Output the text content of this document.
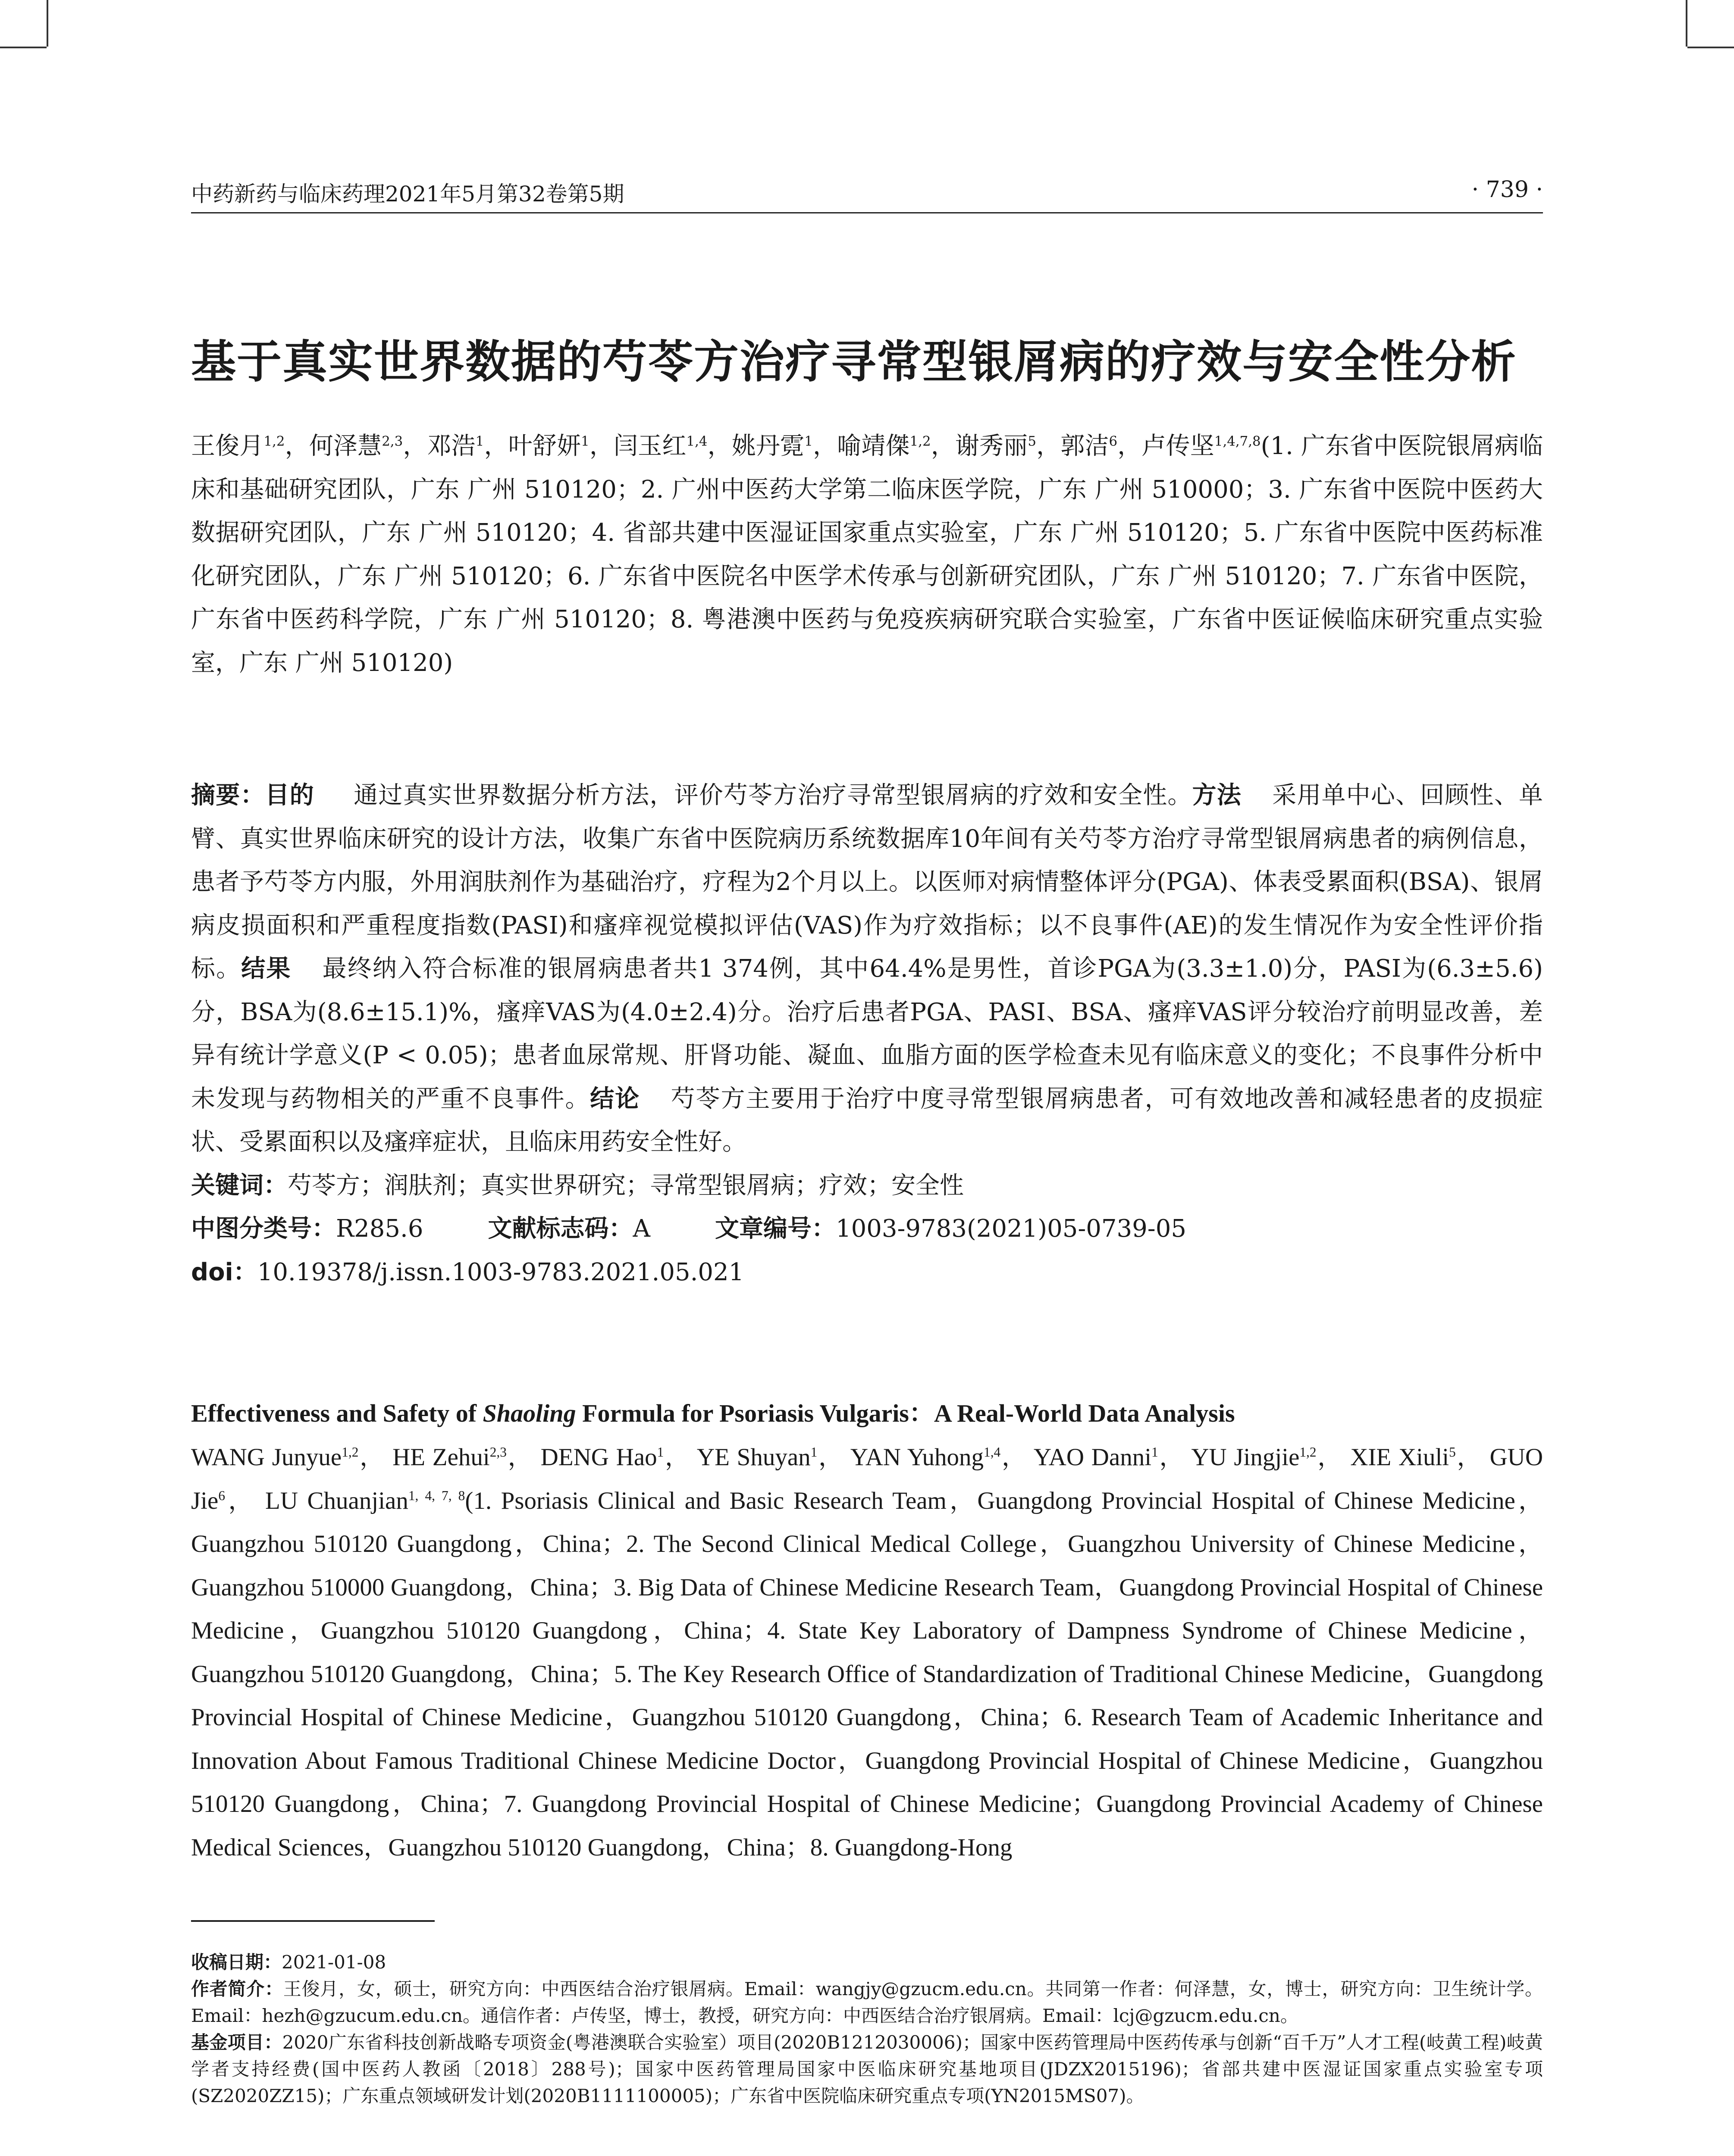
中药新药与临床药理2021年5月第32卷第5期	· 739 ·
基于真实世界数据的芍苓方治疗寻常型银屑病的疗效与安全性分析
王俊月$^{1,2}$，何泽慧$^{2,3}$，邓浩$^1$，叶舒妍$^1$，闫玉红$^{1,4}$，姚丹霓$^1$，喻靖傑$^{1,2}$，谢秀丽$^5$，郭洁$^6$，卢传坚$^{1,4,7,8}$(1. 广东省中医院银屑病临床和基础研究团队，广东 广州 510120；2. 广州中医药大学第二临床医学院，广东 广州 510000；3. 广东省中医院中医药大数据研究团队，广东 广州 510120；4. 省部共建中医湿证国家重点实验室，广东 广州 510120；5. 广东省中医院中医药标准化研究团队，广东 广州 510120；6. 广东省中医院名中医学术传承与创新研究团队，广东 广州 510120；7. 广东省中医院，广东省中医药科学院，广东 广州 510120；8. 粤港澳中医药与免疫疾病研究联合实验室，广东省中医证候临床研究重点实验室，广东 广州 510120)
摘要：目的 通过真实世界数据分析方法，评价芍苓方治疗寻常型银屑病的疗效和安全性。方法 采用单中心、回顾性、单臂、真实世界临床研究的设计方法，收集广东省中医院病历系统数据库10年间有关芍苓方治疗寻常型银屑病患者的病例信息，患者予芍苓方内服，外用润肤剂作为基础治疗，疗程为2个月以上。以医师对病情整体评分(PGA)、体表受累面积(BSA)、银屑病皮损面积和严重程度指数(PASI)和瘙痒视觉模拟评估(VAS)作为疗效指标；以不良事件(AE)的发生情况作为安全性评价指标。结果 最终纳入符合标准的银屑病患者共1 374例，其中64.4%是男性，首诊PGA为(3.3±1.0)分，PASI为(6.3±5.6)分，BSA为(8.6±15.1)%，瘙痒VAS为(4.0±2.4)分。治疗后患者PGA、PASI、BSA、瘙痒VAS评分较治疗前明显改善，差异有统计学意义(P < 0.05)；患者血尿常规、肝肾功能、凝血、血脂方面的医学检查未见有临床意义的变化；不良事件分析中未发现与药物相关的严重不良事件。结论 芍苓方主要用于治疗中度寻常型银屑病患者，可有效地改善和减轻患者的皮损症状、受累面积以及瘙痒症状，且临床用药安全性好。
关键词：芍苓方；润肤剂；真实世界研究；寻常型银屑病；疗效；安全性
中图分类号：R285.6	文献标志码：A	文章编号：1003-9783(2021)05-0739-05
doi：10.19378/j.issn.1003-9783.2021.05.021
Effectiveness and Safety of Shaoling Formula for Psoriasis Vulgaris：A Real-World Data Analysis
WANG Junyue$^{1,2}$， HE Zehui$^{2,3}$， DENG Hao$^1$， YE Shuyan$^1$， YAN Yuhong$^{1,4}$， YAO Danni$^1$， YU Jingjie$^{1,2}$， XIE Xiuli$^5$， GUO Jie$^6$， LU Chuanjian$^{1, 4, 7, 8}$(1. Psoriasis Clinical and Basic Research Team，Guangdong Provincial Hospital of Chinese Medicine，Guangzhou 510120 Guangdong，China；2. The Second Clinical Medical College，Guangzhou University of Chinese Medicine，Guangzhou 510000 Guangdong，China；3. Big Data of Chinese Medicine Research Team，Guangdong Provincial Hospital of Chinese Medicine，Guangzhou 510120 Guangdong，China；4. State Key Laboratory of Dampness Syndrome of Chinese Medicine，Guangzhou 510120 Guangdong，China；5. The Key Research Office of Standardization of Traditional Chinese Medicine，Guangdong Provincial Hospital of Chinese Medicine，Guangzhou 510120 Guangdong，China；6. Research Team of Academic Inheritance and Innovation About Famous Traditional Chinese Medicine Doctor，Guangdong Provincial Hospital of Chinese Medicine，Guangzhou 510120 Guangdong，China；7. Guangdong Provincial Hospital of Chinese Medicine；Guangdong Provincial Academy of Chinese Medical Sciences，Guangzhou 510120 Guangdong，China；8. Guangdong-Hong

收稿日期：2021-01-08

作者简介：王俊月，女，硕士，研究方向：中西医结合治疗银屑病。Email：wangjy@gzucm.edu.cn。共同第一作者：何泽慧，女，博士，研究方向：卫生统计学。Email：hezh@gzucum.edu.cn。通信作者：卢传坚，博士，教授，研究方向：中西医结合治疗银屑病。Email：lcj@gzucm.edu.cn。

基金项目：2020广东省科技创新战略专项资金(粤港澳联合实验室）项目(2020B1212030006)；国家中医药管理局中医药传承与创新“百千万”人才工程(岐黄工程)岐黄学者支持经费(国中医药人教函〔2018〕288号)；国家中医药管理局国家中医临床研究基地项目(JDZX2015196)；省部共建中医湿证国家重点实验室专项(SZ2020ZZ15)；广东重点领域研发计划(2020B1111100005)；广东省中医院临床研究重点专项(YN2015MS07)。
